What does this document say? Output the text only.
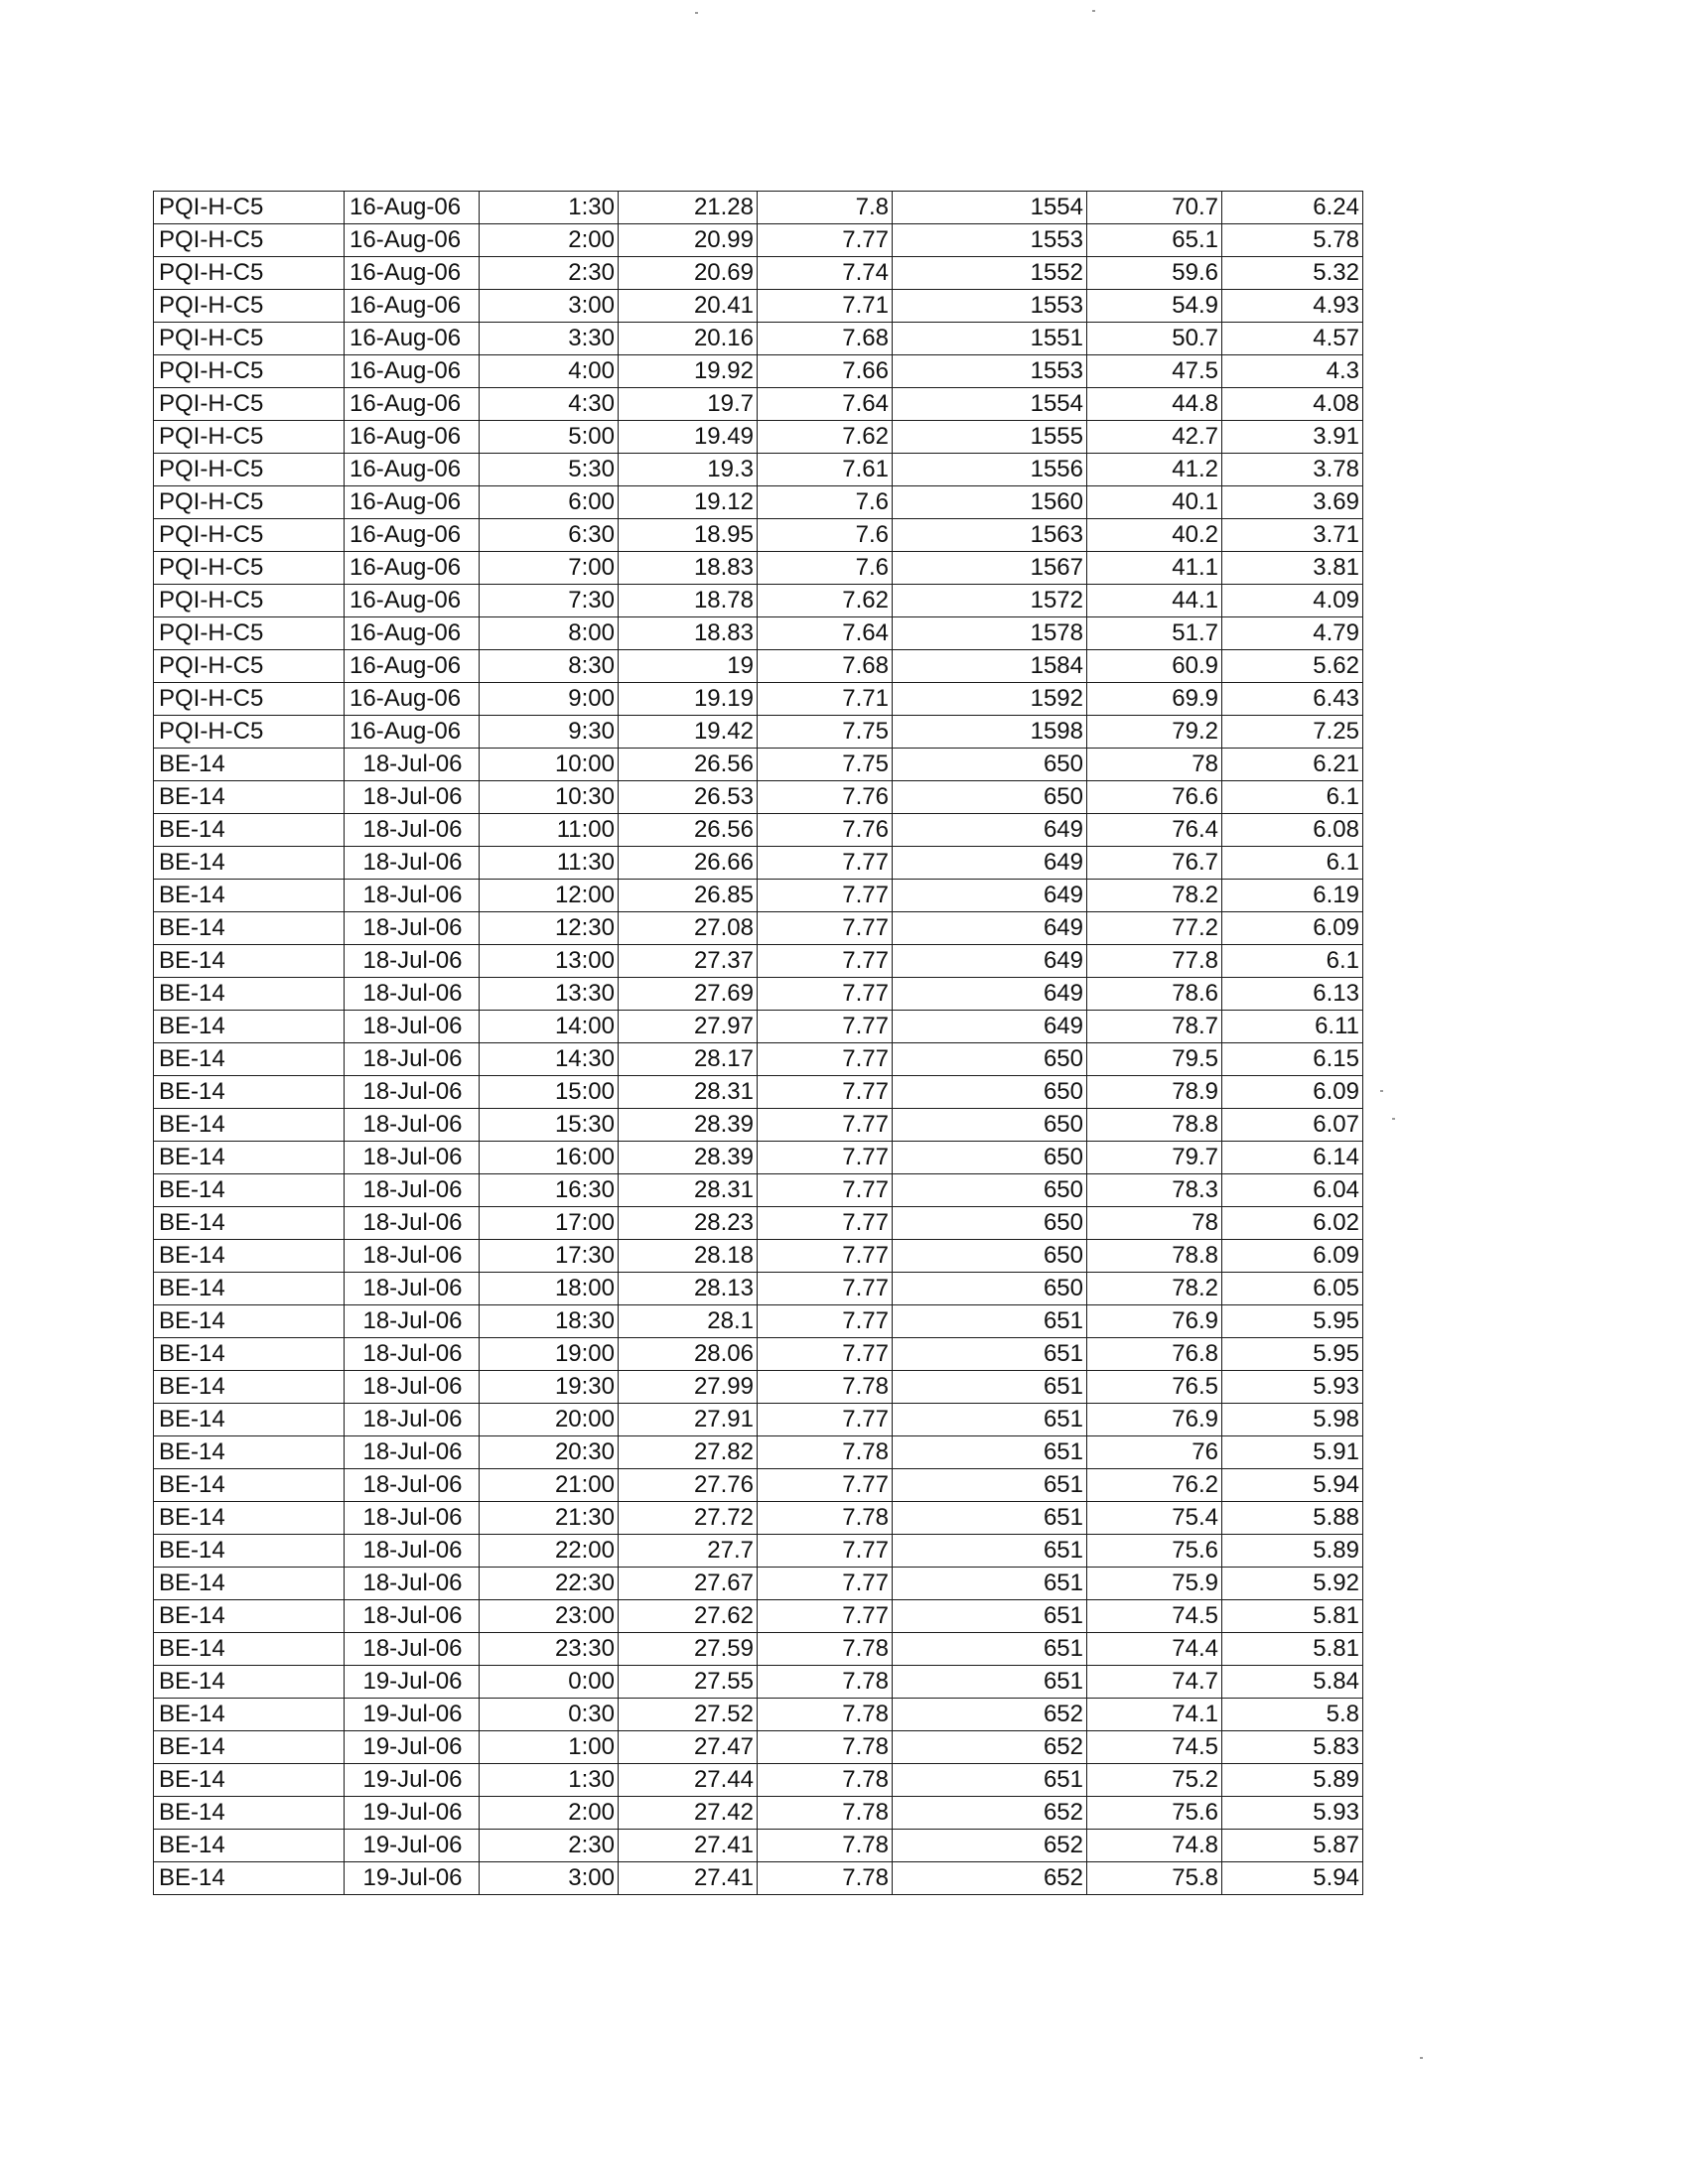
PQI-H-C5	16-Aug-06	1:30	21.28	7.8	1554	70.7	6.24
PQI-H-C5	16-Aug-06	2:00	20.99	7.77	1553	65.1	5.78
PQI-H-C5	16-Aug-06	2:30	20.69	7.74	1552	59.6	5.32
PQI-H-C5	16-Aug-06	3:00	20.41	7.71	1553	54.9	4.93
PQI-H-C5	16-Aug-06	3:30	20.16	7.68	1551	50.7	4.57
PQI-H-C5	16-Aug-06	4:00	19.92	7.66	1553	47.5	4.3
PQI-H-C5	16-Aug-06	4:30	19.7	7.64	1554	44.8	4.08
PQI-H-C5	16-Aug-06	5:00	19.49	7.62	1555	42.7	3.91
PQI-H-C5	16-Aug-06	5:30	19.3	7.61	1556	41.2	3.78
PQI-H-C5	16-Aug-06	6:00	19.12	7.6	1560	40.1	3.69
PQI-H-C5	16-Aug-06	6:30	18.95	7.6	1563	40.2	3.71
PQI-H-C5	16-Aug-06	7:00	18.83	7.6	1567	41.1	3.81
PQI-H-C5	16-Aug-06	7:30	18.78	7.62	1572	44.1	4.09
PQI-H-C5	16-Aug-06	8:00	18.83	7.64	1578	51.7	4.79
PQI-H-C5	16-Aug-06	8:30	19	7.68	1584	60.9	5.62
PQI-H-C5	16-Aug-06	9:00	19.19	7.71	1592	69.9	6.43
PQI-H-C5	16-Aug-06	9:30	19.42	7.75	1598	79.2	7.25
BE-14	18-Jul-06	10:00	26.56	7.75	650	78	6.21
BE-14	18-Jul-06	10:30	26.53	7.76	650	76.6	6.1
BE-14	18-Jul-06	11:00	26.56	7.76	649	76.4	6.08
BE-14	18-Jul-06	11:30	26.66	7.77	649	76.7	6.1
BE-14	18-Jul-06	12:00	26.85	7.77	649	78.2	6.19
BE-14	18-Jul-06	12:30	27.08	7.77	649	77.2	6.09
BE-14	18-Jul-06	13:00	27.37	7.77	649	77.8	6.1
BE-14	18-Jul-06	13:30	27.69	7.77	649	78.6	6.13
BE-14	18-Jul-06	14:00	27.97	7.77	649	78.7	6.11
BE-14	18-Jul-06	14:30	28.17	7.77	650	79.5	6.15
BE-14	18-Jul-06	15:00	28.31	7.77	650	78.9	6.09
BE-14	18-Jul-06	15:30	28.39	7.77	650	78.8	6.07
BE-14	18-Jul-06	16:00	28.39	7.77	650	79.7	6.14
BE-14	18-Jul-06	16:30	28.31	7.77	650	78.3	6.04
BE-14	18-Jul-06	17:00	28.23	7.77	650	78	6.02
BE-14	18-Jul-06	17:30	28.18	7.77	650	78.8	6.09
BE-14	18-Jul-06	18:00	28.13	7.77	650	78.2	6.05
BE-14	18-Jul-06	18:30	28.1	7.77	651	76.9	5.95
BE-14	18-Jul-06	19:00	28.06	7.77	651	76.8	5.95
BE-14	18-Jul-06	19:30	27.99	7.78	651	76.5	5.93
BE-14	18-Jul-06	20:00	27.91	7.77	651	76.9	5.98
BE-14	18-Jul-06	20:30	27.82	7.78	651	76	5.91
BE-14	18-Jul-06	21:00	27.76	7.77	651	76.2	5.94
BE-14	18-Jul-06	21:30	27.72	7.78	651	75.4	5.88
BE-14	18-Jul-06	22:00	27.7	7.77	651	75.6	5.89
BE-14	18-Jul-06	22:30	27.67	7.77	651	75.9	5.92
BE-14	18-Jul-06	23:00	27.62	7.77	651	74.5	5.81
BE-14	18-Jul-06	23:30	27.59	7.78	651	74.4	5.81
BE-14	19-Jul-06	0:00	27.55	7.78	651	74.7	5.84
BE-14	19-Jul-06	0:30	27.52	7.78	652	74.1	5.8
BE-14	19-Jul-06	1:00	27.47	7.78	652	74.5	5.83
BE-14	19-Jul-06	1:30	27.44	7.78	651	75.2	5.89
BE-14	19-Jul-06	2:00	27.42	7.78	652	75.6	5.93
BE-14	19-Jul-06	2:30	27.41	7.78	652	74.8	5.87
BE-14	19-Jul-06	3:00	27.41	7.78	652	75.8	5.94
